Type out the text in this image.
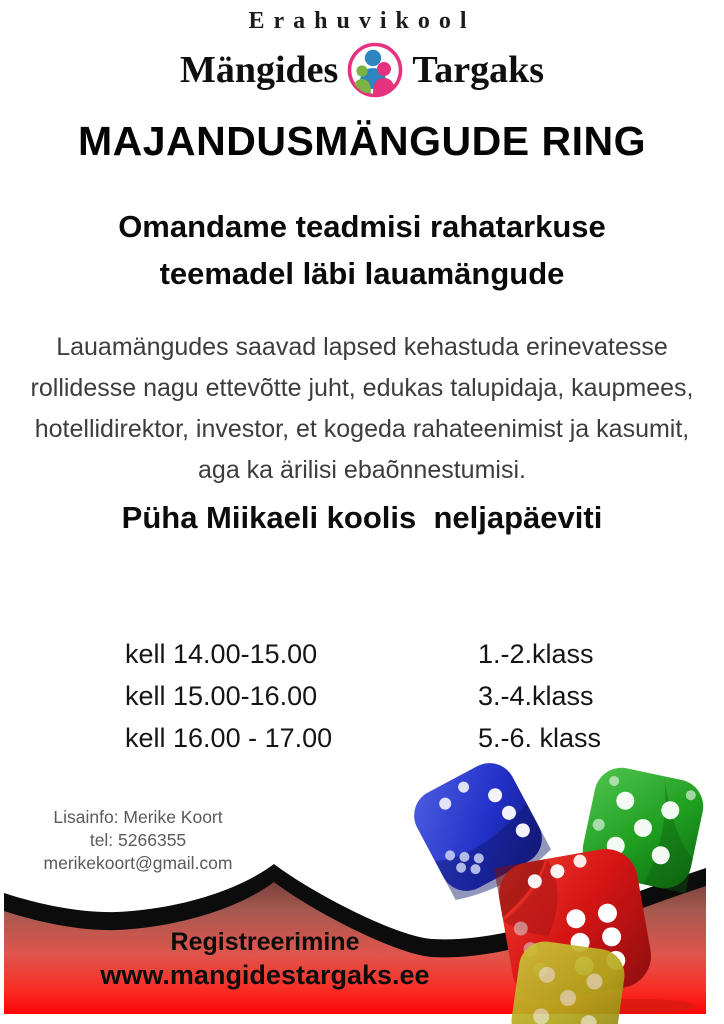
Erahuvikool
Mängides Targaks
MAJANDUSMÄNGUDE RING
Omandame teadmisi rahatarkuse teemadel läbi lauamängude
Lauamängudes saavad lapsed kehastuda erinevatesse rollidesse nagu ettevõtte juht, edukas talupidaja, kaupmees, hotellidirektor, investor, et kogeda rahateenimist ja kasumit, aga ka ärilisi ebaõnnestumisi.
Püha Miikaeli koolis  neljapäeviti
kell 14.00-15.00	1.-2.klass
kell 15.00-16.00	3.-4.klass
kell 16.00 - 17.00	5.-6. klass
Lisainfo: Merike Koort
tel: 5266355
merikekoort@gmail.com
Registreerimine
www.mangidestargaks.ee
